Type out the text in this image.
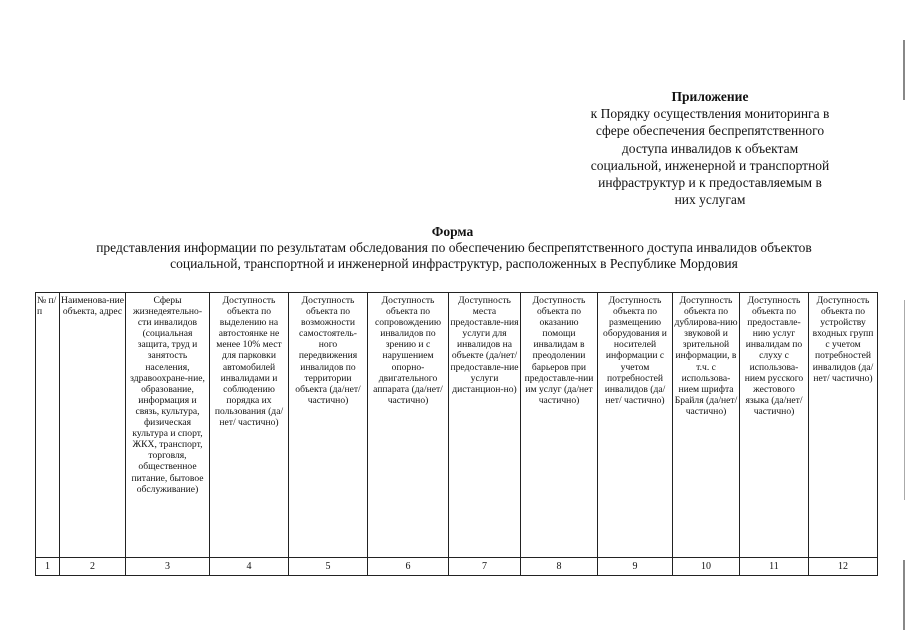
Приложение
к Порядку осуществления мониторинга в
сфере обеспечения беспрепятственного
доступа инвалидов к объектам
социальной, инженерной и транспортной
инфраструктур и к предоставляемым в
них услугам
Форма
представления информации по результатам обследования по обеспечению беспрепятственного доступа инвалидов объектов социальной, транспортной и инженерной инфраструктур, расположенных в Республике Мордовия
№ п/п	Наименова-ние объекта, адрес	Сферы жизнедеятельно-сти инвалидов (социальная защита, труд и занятость населения, здравоохране-ние, образование, информация и связь, культура, физическая культура и спорт, ЖКХ, транспорт, торговля, общественное питание, бытовое обслуживание)	Доступность объекта по выделению на автостоянке не менее 10% мест для парковки автомобилей инвалидами и соблюдению порядка их пользования (да/нет/ частично)	Доступность объекта по возможности самостоятель-ного передвижения инвалидов по территории объекта (да/нет/ частично)	Доступность объекта по сопровождению инвалидов по зрению и с нарушением опорно-двигательного аппарата (да/нет/ частично)	Доступность места предоставле-ния услуги для инвалидов на объекте (да/нет/ предоставле-ние услуги дистанцион-но)	Доступность объекта по оказанию помощи инвалидам в преодолении барьеров при предоставле-нии им услуг (да/нет частично)	Доступность объекта по размещению оборудования и носителей информации с учетом потребностей инвалидов (да/нет/ частично)	Доступность объекта по дублирова-нию звуковой и зрительной информации, в т.ч. с использова-нием шрифта Брайля (да/нет/ частично)	Доступность объекта по предоставле-нию услуг инвалидам по слуху с использова-нием русского жестового языка (да/нет/ частично)	Доступность объекта по устройству входных групп с учетом потребностей инвалидов (да/нет/ частично)
1	2	3	4	5	6	7	8	9	10	11	12
